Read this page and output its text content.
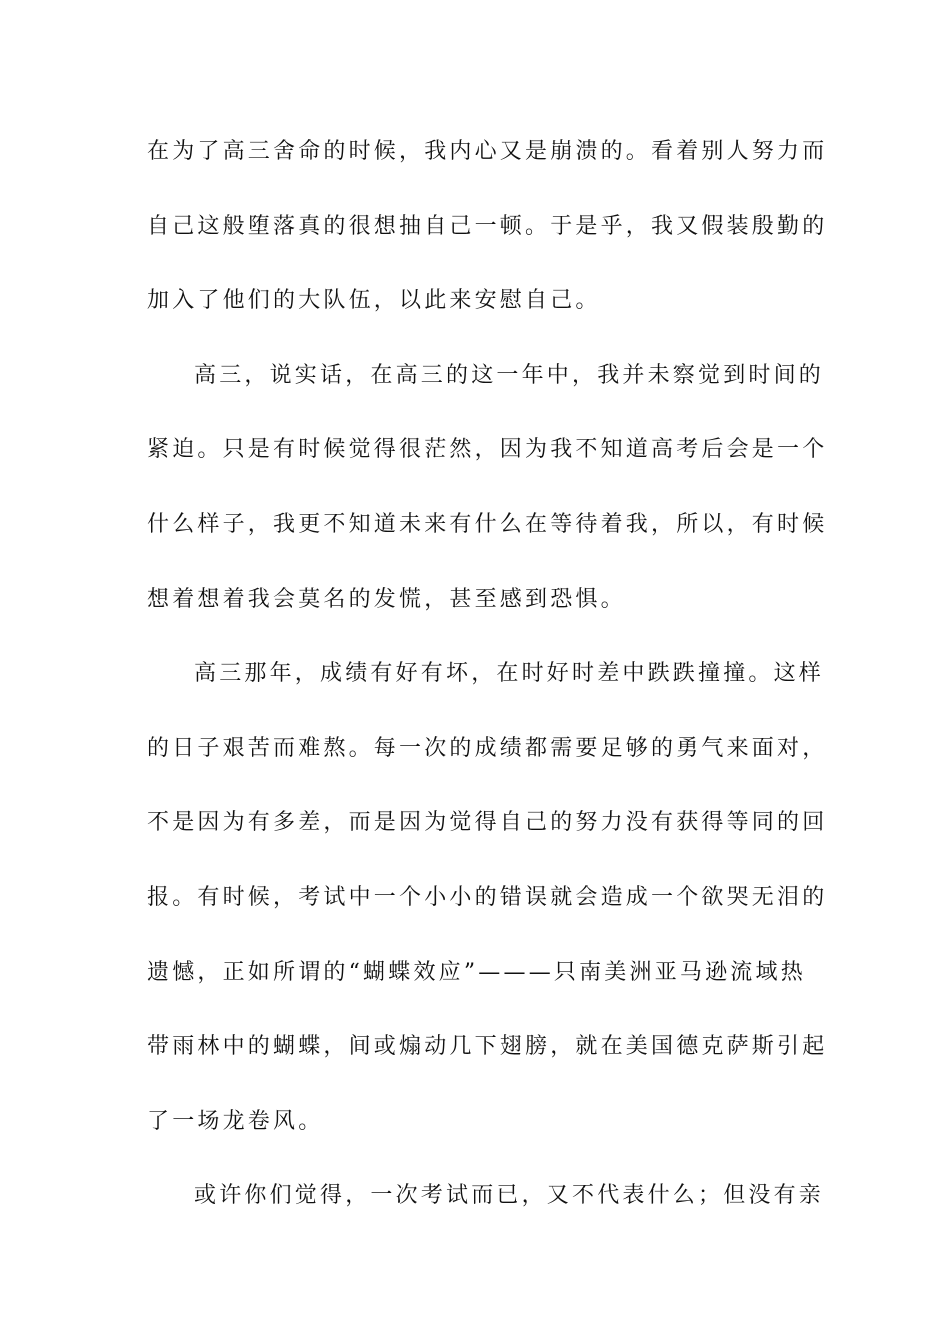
在为了高三舍命的时候，我内心又是崩溃的。看着别人努力而
自己这般堕落真的很想抽自己一顿。于是乎，我又假装殷勤的
加入了他们的大队伍，以此来安慰自己。
高三，说实话，在高三的这一年中，我并未察觉到时间的
紧迫。只是有时候觉得很茫然，因为我不知道高考后会是一个
什么样子，我更不知道未来有什么在等待着我，所以，有时候
想着想着我会莫名的发慌，甚至感到恐惧。
高三那年，成绩有好有坏，在时好时差中跌跌撞撞。这样
的日子艰苦而难熬。每一次的成绩都需要足够的勇气来面对，
不是因为有多差，而是因为觉得自己的努力没有获得等同的回
报。有时候，考试中一个小小的错误就会造成一个欲哭无泪的
遗憾，正如所谓的“蝴蝶效应”———只南美洲亚马逊流域热
带雨林中的蝴蝶，间或煽动几下翅膀，就在美国德克萨斯引起
了一场龙卷风。
或许你们觉得，一次考试而已，又不代表什么；但没有亲
